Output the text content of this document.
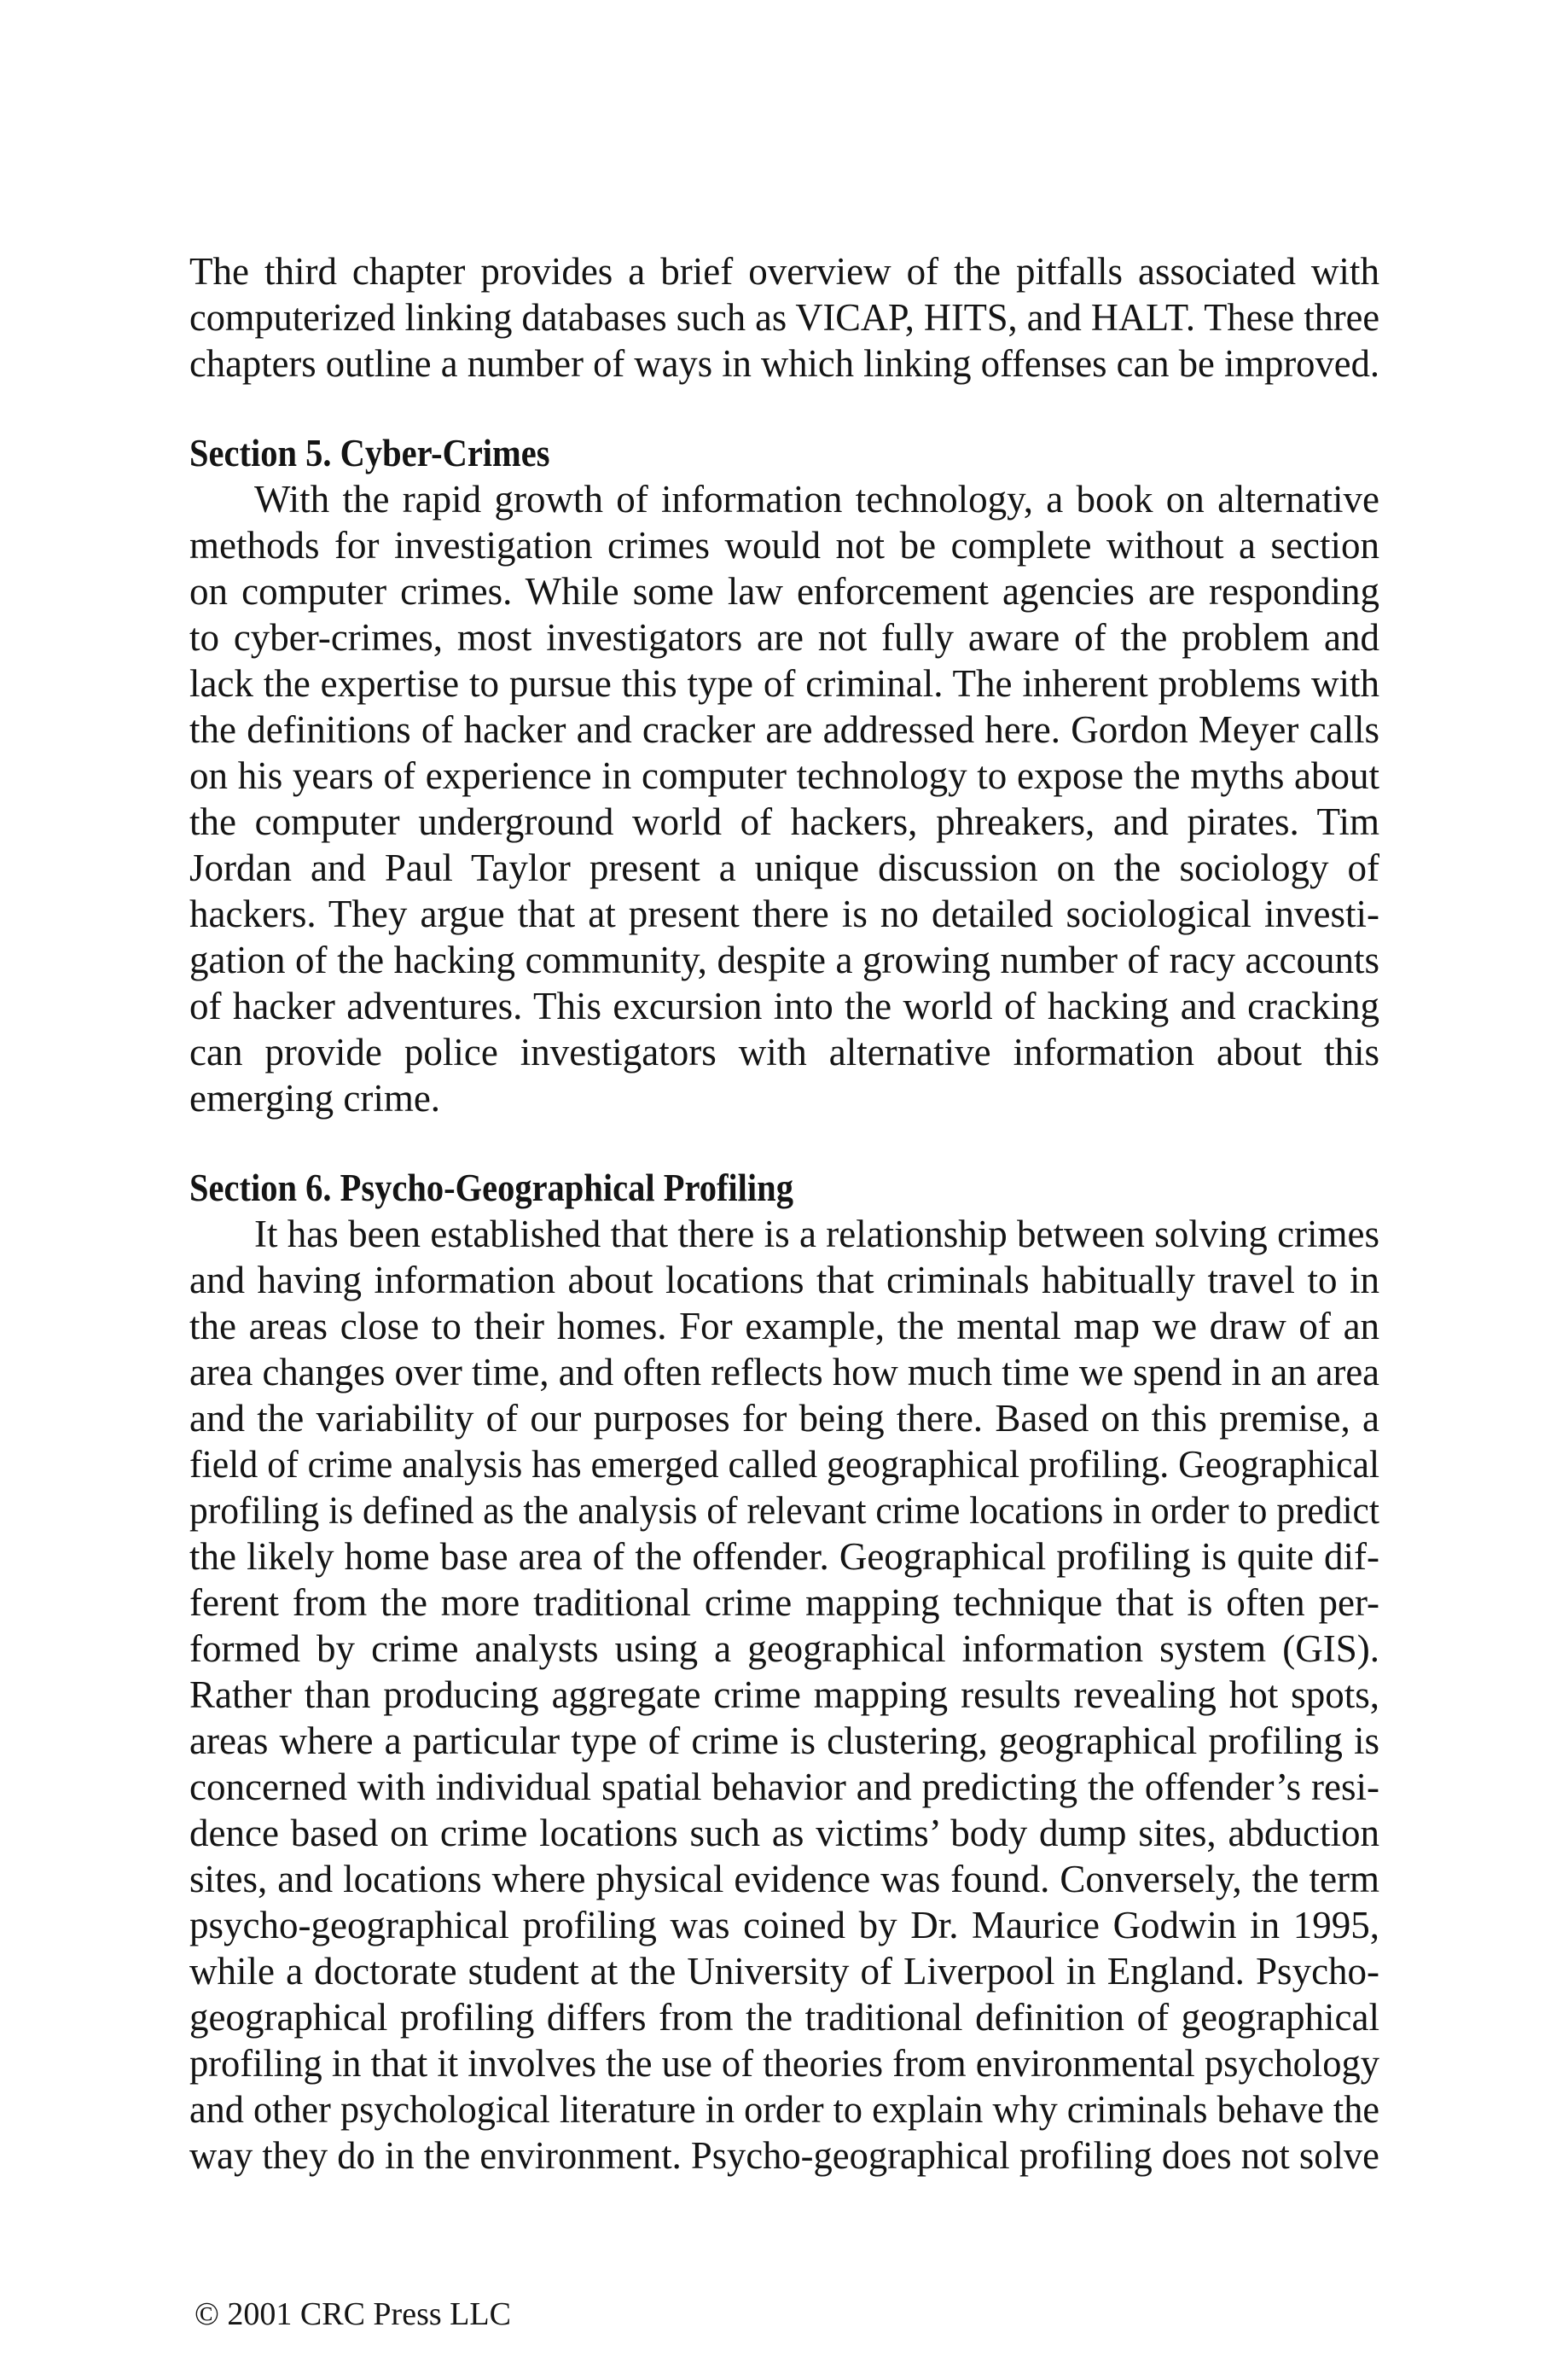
The third chapter provides a brief overview of the pitfalls associated with
computerized linking databases such as VICAP, HITS, and HALT. These three
chapters outline a number of ways in which linking offenses can be improved.
Section 5. Cyber-Crimes
With the rapid growth of information technology, a book on alternative
methods for investigation crimes would not be complete without a section
on computer crimes. While some law enforcement agencies are responding
to cyber-crimes, most investigators are not fully aware of the problem and
lack the expertise to pursue this type of criminal. The inherent problems with
the definitions of hacker and cracker are addressed here. Gordon Meyer calls
on his years of experience in computer technology to expose the myths about
the computer underground world of hackers, phreakers, and pirates. Tim
Jordan and Paul Taylor present a unique discussion on the sociology of
hackers. They argue that at present there is no detailed sociological investi-
gation of the hacking community, despite a growing number of racy accounts
of hacker adventures. This excursion into the world of hacking and cracking
can provide police investigators with alternative information about this
emerging crime.
Section 6. Psycho-Geographical Profiling
It has been established that there is a relationship between solving crimes
and having information about locations that criminals habitually travel to in
the areas close to their homes. For example, the mental map we draw of an
area changes over time, and often reflects how much time we spend in an area
and the variability of our purposes for being there. Based on this premise, a
field of crime analysis has emerged called geographical profiling. Geographical
profiling is defined as the analysis of relevant crime locations in order to predict
the likely home base area of the offender. Geographical profiling is quite dif-
ferent from the more traditional crime mapping technique that is often per-
formed by crime analysts using a geographical information system (GIS).
Rather than producing aggregate crime mapping results revealing hot spots,
areas where a particular type of crime is clustering, geographical profiling is
concerned with individual spatial behavior and predicting the offender’s resi-
dence based on crime locations such as victims’ body dump sites, abduction
sites, and locations where physical evidence was found. Conversely, the term
psycho-geographical profiling was coined by Dr. Maurice Godwin in 1995,
while a doctorate student at the University of Liverpool in England. Psycho-
geographical profiling differs from the traditional definition of geographical
profiling in that it involves the use of theories from environmental psychology
and other psychological literature in order to explain why criminals behave the
way they do in the environment. Psycho-geographical profiling does not solve
© 2001 CRC Press LLC
